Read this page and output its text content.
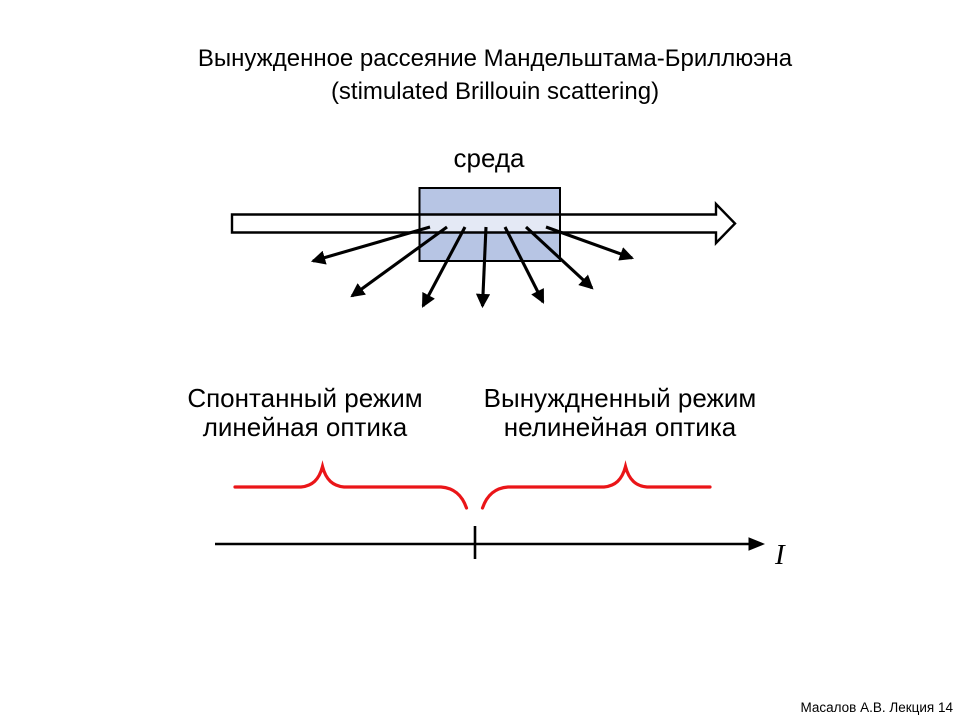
Вынужденное рассеяние Мандельштама-Бриллюэна
(stimulated Brillouin scattering)
среда
Спонтанный режим
линейная оптика
Вынуждненный режим
нелинейная оптика
I
Масалов А.В. Лекция 14
